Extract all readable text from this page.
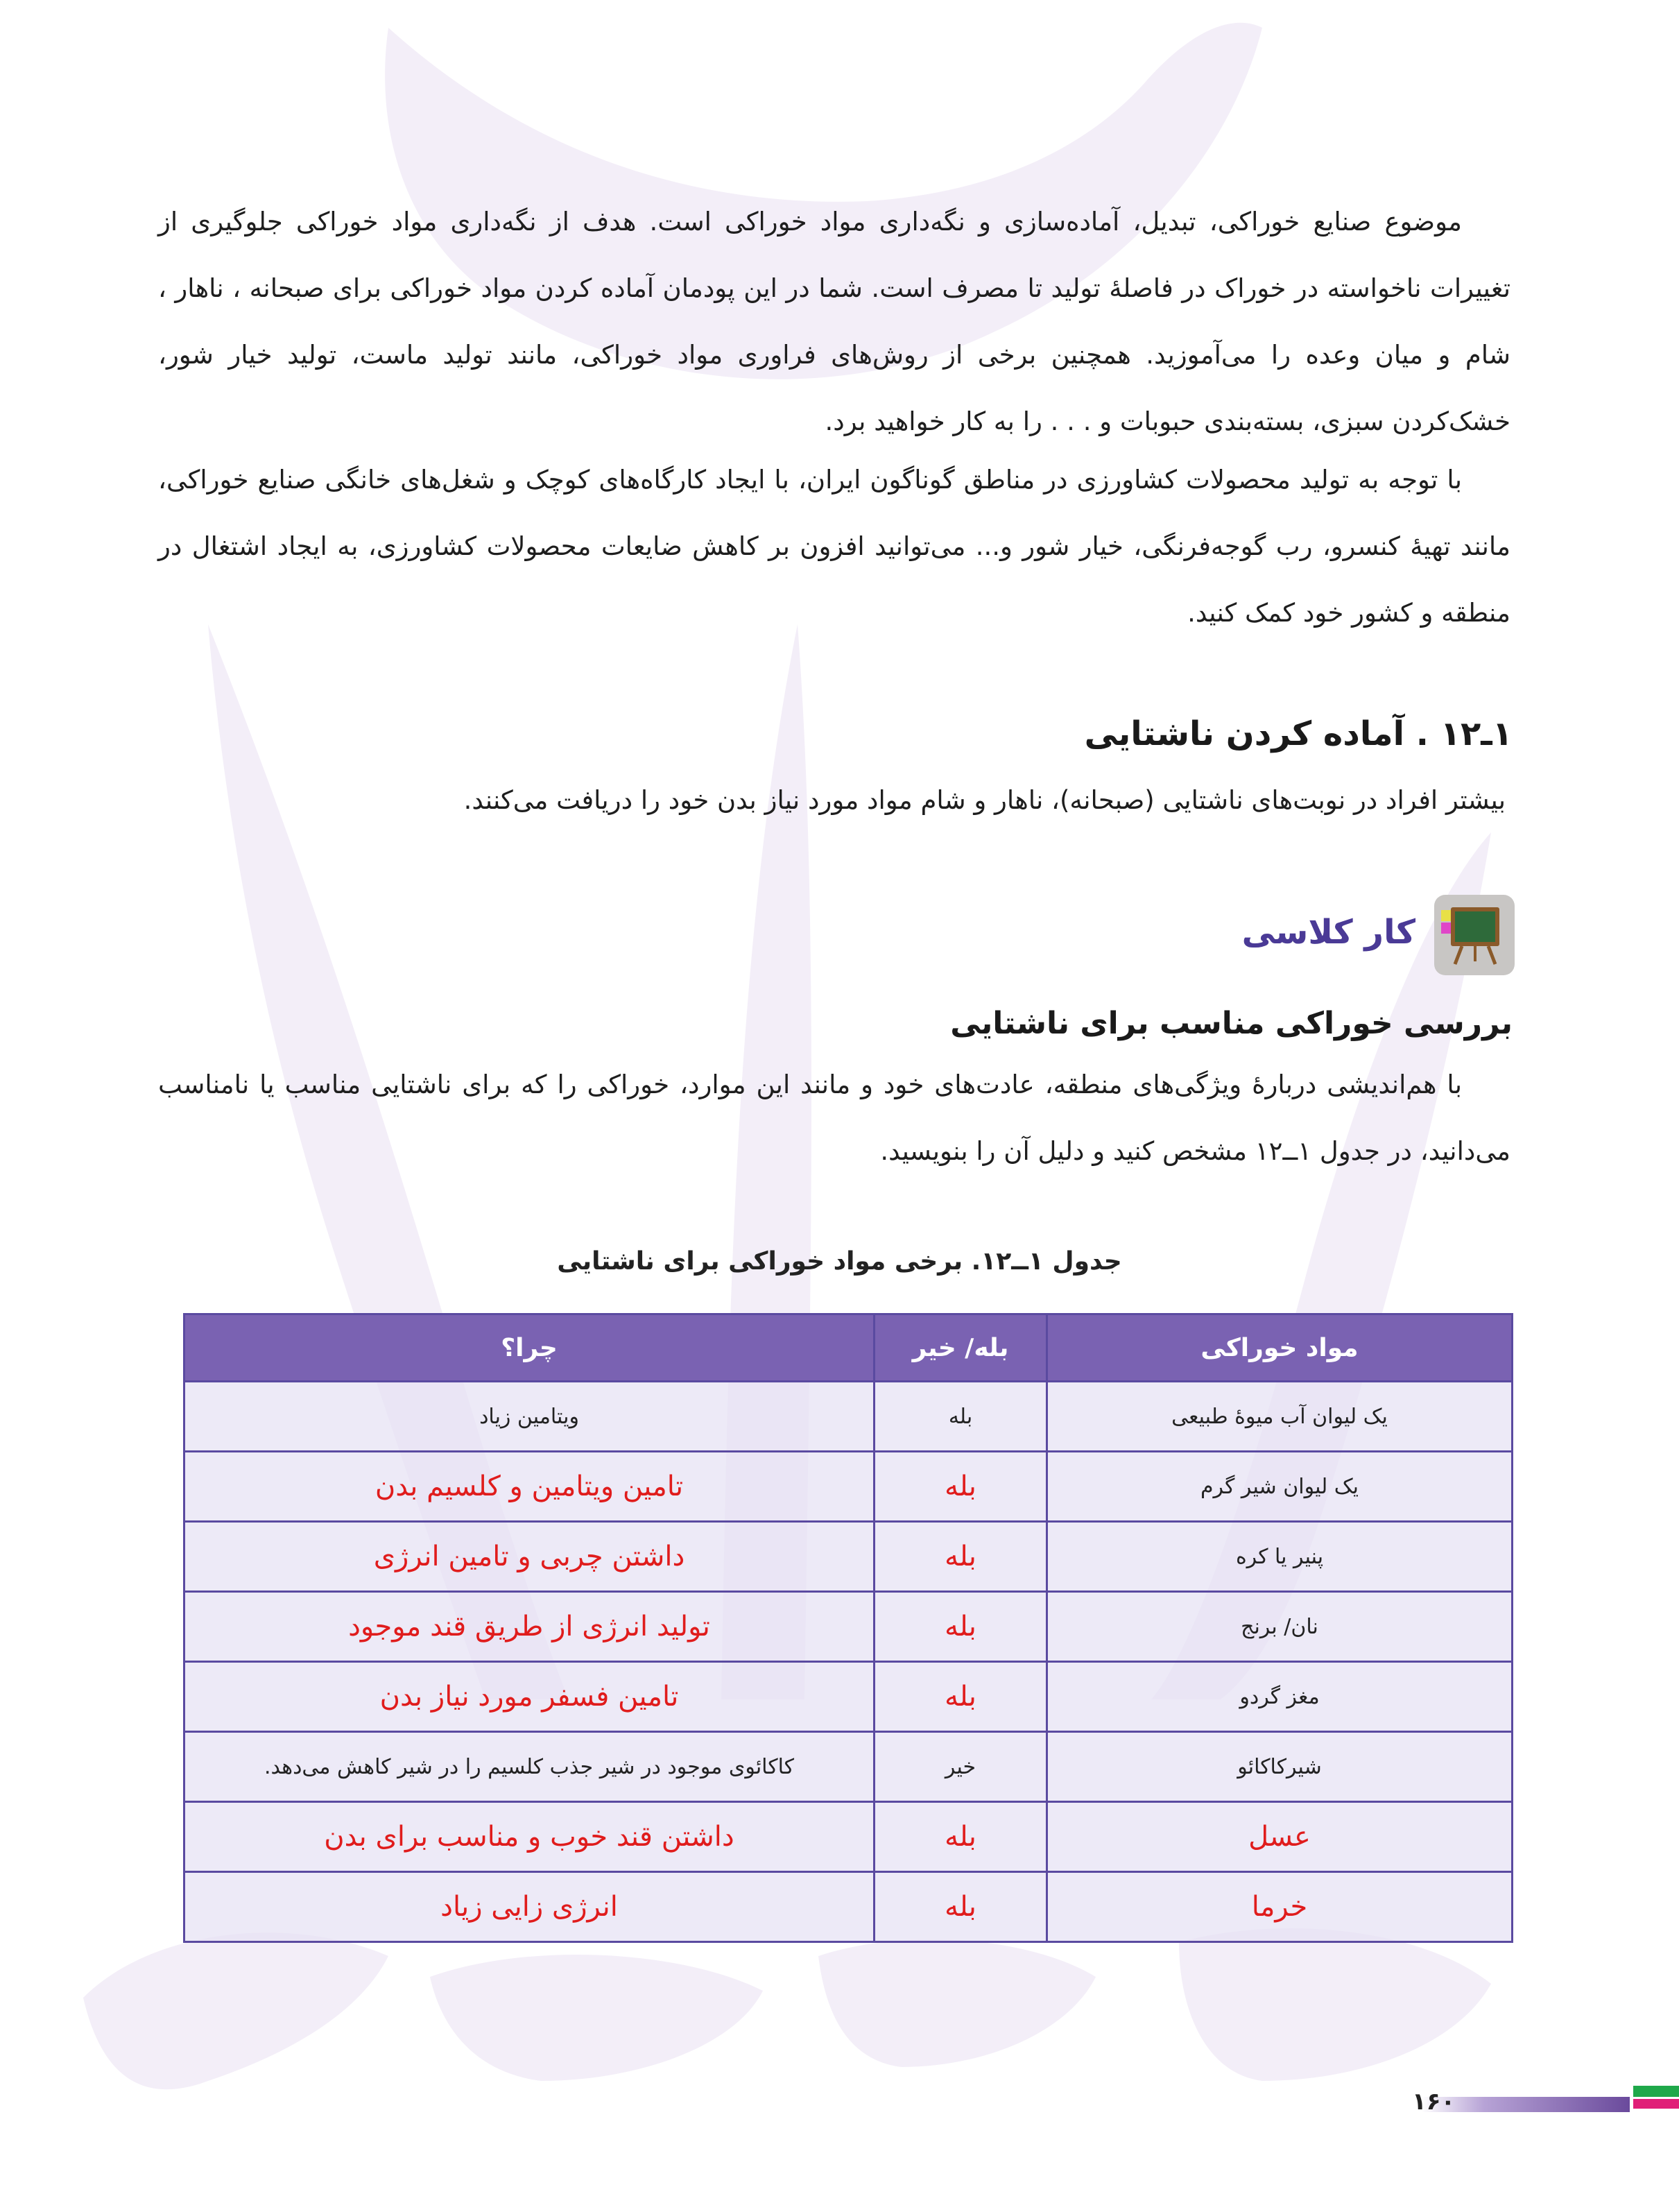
موضوع صنایع خوراکی، تبدیل، آماده‌سازی و نگه‌داری مواد خوراکی است. هدف از نگه‌داری مواد خوراکی جلوگیری از تغییرات ناخواسته در خوراک در فاصلهٔ تولید تا مصرف است. شما در این پودمان آماده کردن مواد خوراکی برای صبحانه ، ناهار ، شام و میان وعده را می‌آموزید. همچنین برخی از روش‌های فراوری مواد خوراکی، مانند تولید ماست، تولید خیار شور، خشک‌کردن سبزی، بسته‌بندی حبوبات و . . . را به کار خواهید برد.
با توجه به تولید محصولات کشاورزی در مناطق گوناگون ایران، با ایجاد کارگاه‌های کوچک و شغل‌های خانگی صنایع خوراکی، مانند تهیهٔ کنسرو، رب گوجه‌فرنگی، خیار شور و... می‌توانید افزون بر کاهش ضایعات محصولات کشاورزی، به ایجاد اشتغال در منطقه و کشور خود کمک کنید.
۱ـ۱۲ . آماده کردن ناشتایی
بیشتر افراد در نوبت‌های ناشتایی (صبحانه)، ناهار و شام مواد مورد نیاز بدن خود را دریافت می‌کنند.
کار کلاسی
بررسی خوراکی مناسب برای ناشتایی
با هم‌اندیشی دربارهٔ ویژگی‌های منطقه، عادت‌های خود و مانند این موارد، خوراکی را که برای ناشتایی مناسب یا نامناسب می‌دانید، در جدول ۱ــ۱۲ مشخص کنید و دلیل آن را بنویسید.
جدول ۱ــ۱۲. برخی مواد خوراکی برای ناشتایی
مواد خوراکی	بله/ خیر	چرا؟
یک لیوان آب میوهٔ طبیعی	بله	ویتامین زیاد
یک لیوان شیر گرم	بله	تامین ویتامین و کلسیم بدن
پنیر یا کره	بله	داشتن چربی و تامین انرژی
نان/ برنج	بله	تولید انرژی از طریق قند موجود
مغز گردو	بله	تامین فسفر مورد نیاز بدن
شیرکاکائو	خیر	کاکائوی موجود در شیر جذب کلسیم را در شیر کاهش می‌دهد.
عسل	بله	داشتن قند خوب و مناسب برای بدن
خرما	بله	انرژی زایی زیاد
۱۶۰
